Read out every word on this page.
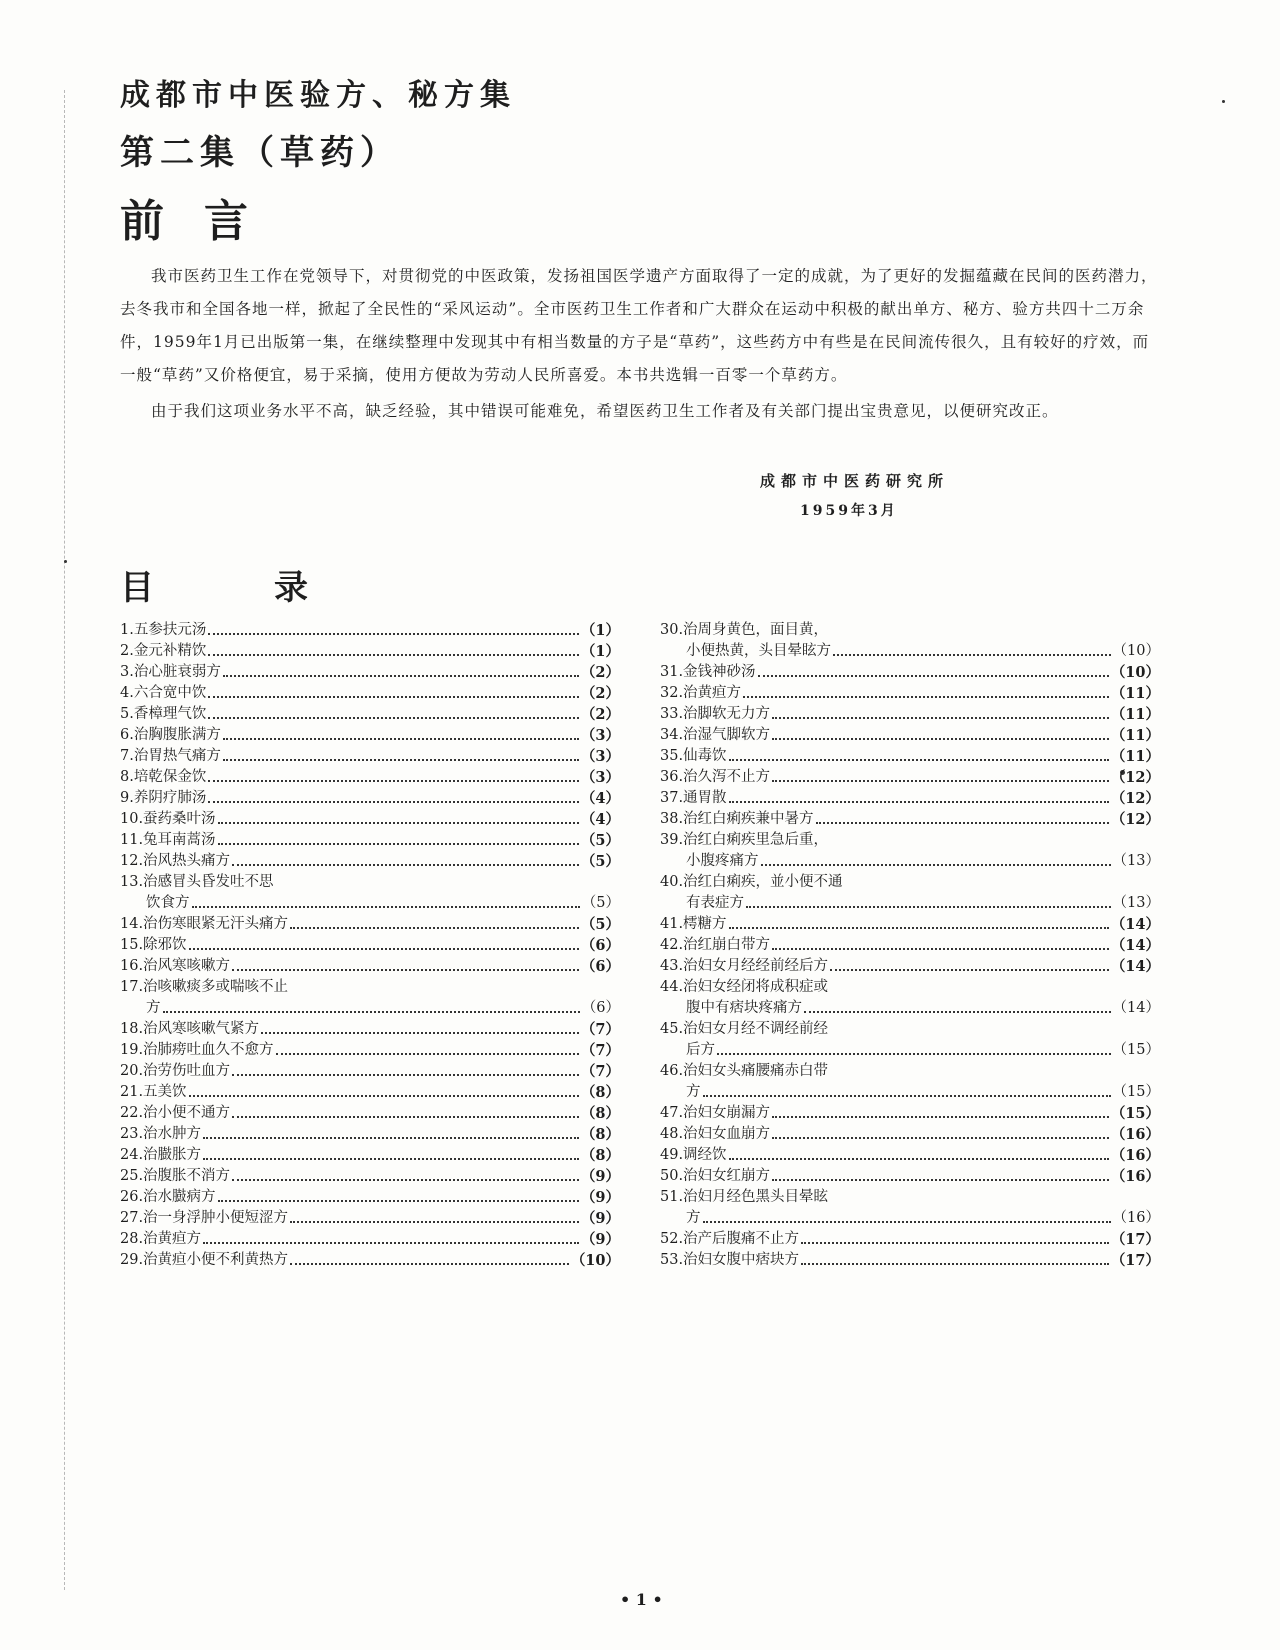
目录
1.五参扶元汤	（1）
2.金元补精饮	（1）
3.治心脏衰弱方	（2）
4.六合宽中饮	（2）
5.香樟理气饮	（2）
6.治胸腹胀满方	（3）
7.治胃热气痛方	（3）
8.培乾保金饮	（3）
9.养阴疗肺汤	（4）
10.蚕药桑叶汤	（4）
11.兔耳南蒿汤	（5）
12.治风热头痛方	（5）
13.治感冒头昏发吐不思
饮食方	（5）
14.治伤寒眼紧无汗头痛方	（5）
15.除邪饮	（6）
16.治风寒咳嗽方	（6）
17.治咳嗽痰多或喘咳不止
方	（6）
18.治风寒咳嗽气紧方	（7）
19.治肺痨吐血久不愈方	（7）
20.治劳伤吐血方	（7）
21.五美饮	（8）
22.治小便不通方	（8）
23.治水肿方	（8）
24.治臌胀方	（8）
25.治腹胀不消方	（9）
26.治水臌病方	（9）
27.治一身浮肿小便短涩方	（9）
28.治黄疸方	（9）
29.治黄疸小便不利黄热方	（10）
30.治周身黄色，面目黄，
小便热黄，头目晕眩方	（10）
31.金钱神砂汤	（10）
32.治黄疸方	（11）
33.治脚软无力方	（11）
34.治湿气脚软方	（11）
35.仙毒饮	（11）
36.治久泻不止方	（12）
37.通胃散	（12）
38.治红白痢疾兼中暑方	（12）
39.治红白痢疾里急后重，
小腹疼痛方	（13）
40.治红白痢疾，並小便不通
有表症方	（13）
41.樗糖方	（14）
42.治红崩白带方	（14）
43.治妇女月经经前经后方	（14）
44.治妇女经闭将成积症或
腹中有痞块疼痛方	（14）
45.治妇女月经不调经前经
后方	（15）
46.治妇女头痛腰痛赤白带
方	（15）
47.治妇女崩漏方	（15）
48.治妇女血崩方	（16）
49.调经饮	（16）
50.治妇女红崩方	（16）
51.治妇月经色黑头目晕眩
方	（16）
52.治产后腹痛不止方	（17）
53.治妇女腹中痞块方	（17）
• 1 •
成都市中医验方、秘方集
第二集（草药）
前言
我市医药卫生工作在党领导下，对贯彻党的中医政策，发扬祖国医学遗产方面取得了一定的成就，为了更好的发掘蕴藏在民间的医药潜力，去冬我市和全国各地一样，掀起了全民性的“采风运动”。全市医药卫生工作者和广大群众在运动中积极的献出单方、秘方、验方共四十二万余件，1959年1月已出版第一集，在继续整理中发现其中有相当数量的方子是“草药”，这些药方中有些是在民间流传很久，且有较好的疗效，而一般“草药”又价格便宜，易于采摘，使用方便故为劳动人民所喜爱。本书共选辑一百零一个草药方。
由于我们这项业务水平不高，缺乏经验，其中错误可能难免，希望医药卫生工作者及有关部门提出宝贵意见，以便研究改正。
成都市中医药研究所
1959年3月
